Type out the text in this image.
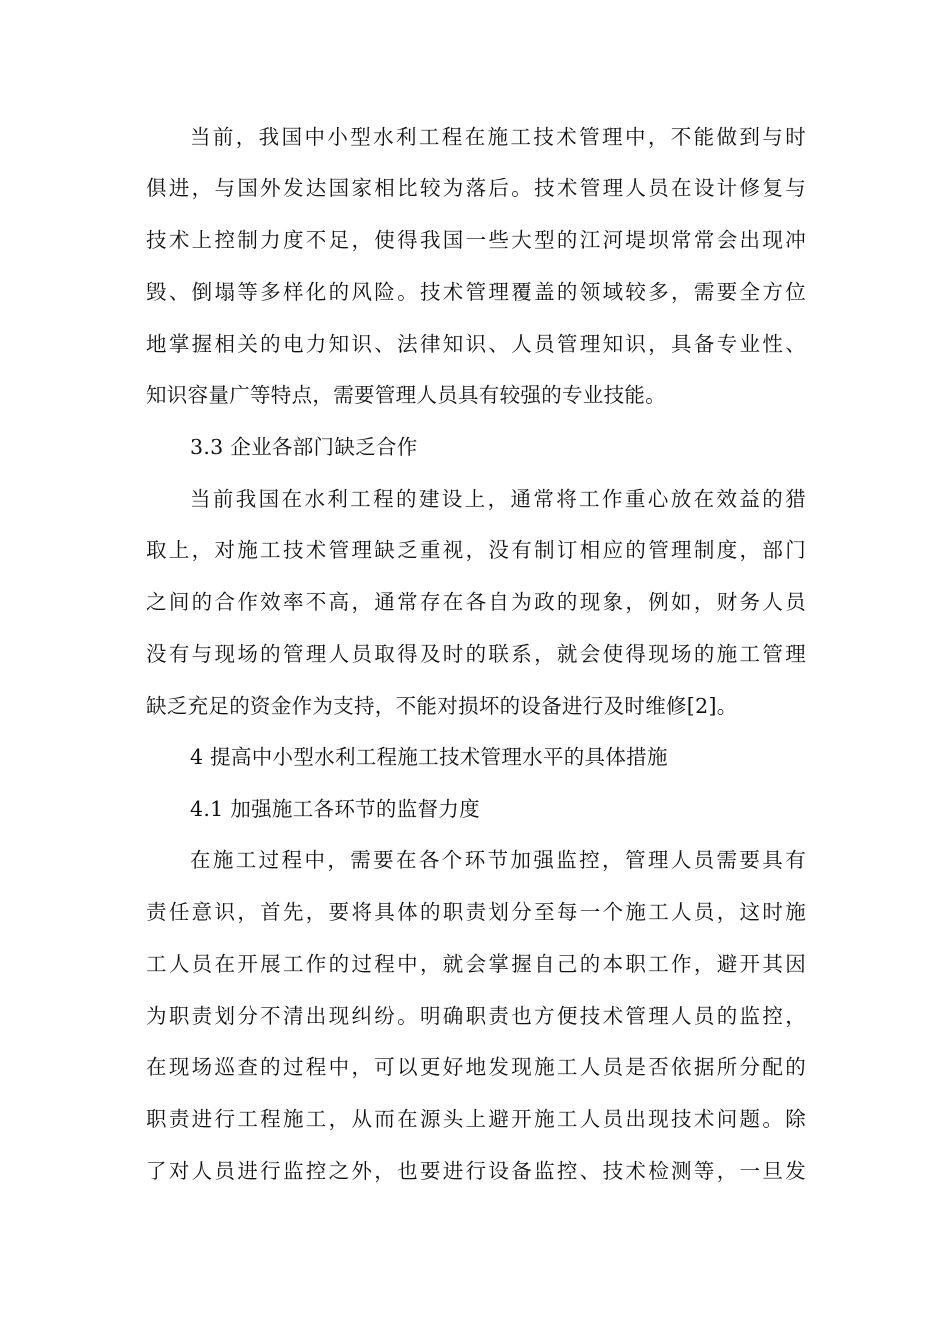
当前，我国中小型水利工程在施工技术管理中，不能做到与时
俱进，与国外发达国家相比较为落后。技术管理人员在设计修复与
技术上控制力度不足，使得我国一些大型的江河堤坝常常会出现冲
毁、倒塌等多样化的风险。技术管理覆盖的领域较多，需要全方位
地掌握相关的电力知识、法律知识、人员管理知识，具备专业性、
知识容量广等特点，需要管理人员具有较强的专业技能。
3.3 企业各部门缺乏合作
当前我国在水利工程的建设上，通常将工作重心放在效益的猎
取上，对施工技术管理缺乏重视，没有制订相应的管理制度，部门
之间的合作效率不高，通常存在各自为政的现象，例如，财务人员
没有与现场的管理人员取得及时的联系，就会使得现场的施工管理
缺乏充足的资金作为支持，不能对损坏的设备进行及时维修[2]。
4 提高中小型水利工程施工技术管理水平的具体措施
4.1 加强施工各环节的监督力度
在施工过程中，需要在各个环节加强监控，管理人员需要具有
责任意识，首先，要将具体的职责划分至每一个施工人员，这时施
工人员在开展工作的过程中，就会掌握自己的本职工作，避开其因
为职责划分不清出现纠纷。明确职责也方便技术管理人员的监控，
在现场巡查的过程中，可以更好地发现施工人员是否依据所分配的
职责进行工程施工，从而在源头上避开施工人员出现技术问题。除
了对人员进行监控之外，也要进行设备监控、技术检测等，一旦发
